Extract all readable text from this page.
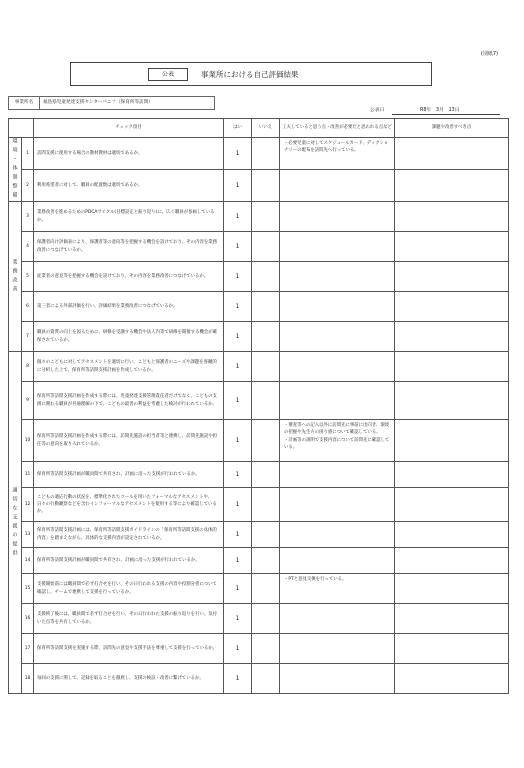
(別紙7)
公表	事業所における自己評価結果
事業所名	福島県児童発達支援センターパニフ（保育所等訪問）
公表日	R8年　3月　13日
		チェック項目	はい	いいえ	工夫していると思う点・改善が必要だと思われる点など	課題や改善すべき点
環境・体制整備	1	訪問支援に使用する場合の教材教材は適切であるか。	1		・必要児童に対してスケジュールカード、ディクショナリーの配布を訪問先へ行っている。	
	2	利用希望者に対して、職員の配置数は適切であるか。	1			
業務改善	3	業務改善を進めるためのPDCAサイクル(目標設定と振り返り)に、広く職員が参画しているか。	1			
	4	保護者向け評価表により、保護者等の意向等を把握する機会を設けており、その内容を業務改善につなげているか。	1			
	5	従業者の意見等を把握する機会を設けており、その内容を業務改善につなげているか。	1			
	6	第三者による外部評価を行い、評価結果を業務改善につなげているか。	1			
	7	職員の資質の向上を図るために、研修を受講する機会や法人内等で研修を開催する機会が確保されているか。	1			
適切な支援の提供	8	個々のこどもに対してアセスメントを適切に行い、こどもと保護者のニーズや課題を客観的に分析した上で、保育所等訪問支援計画を作成しているか。	1			
	9	保育所等訪問支援計画を作成する際には、児童発達支援管理責任者だけでなく、こどもの支援に関わる職員が共通理解の下で、こどもの最善の利益を考慮した検討が行われているか。	1			
	10	保育所等訪問支援計画を作成する際には、訪問先施設の担当者等と連携し、訪問先施設や担任等の意向を取り入れているか。	1		・審査等への記入以外に訪問先に事前に出向き、環境の把握や先生方の困り感について確認している。
・計画等の説明で支援内容について訪問先に確認している。	
	11	保育所等訪問支援計画が職員間で共有され、計画に沿った支援が行われているか。	1			
	12	こどもの適応行動の状況を、標準化されたツールを用いたフォーマルなアセスメントや、日々の行動観察などを含むインフォーマルなアセスメントを使用する等により確認しているか。	1			
	13	保育所等訪問支援計画には、保育所等訪問支援ガイドラインの「保育所等訪問支援の具体的内容」を踏まえながら、具体的な支援内容が設定されているか。	1			
	14	保育所等訪問支援計画が職員間で共有され、計画に沿った支援が行われているか。	1			
	15	支援開始前には職員間で必ず打合せを行い、その日行われる支援の内容や役割分担について確認し、チームで連携して支援を行っているか。	1		・PTと意見交換を行っている。	
	16	支援終了後には、職員間で必ず打合せを行い、その日行われた支援の振り返りを行い、気付いた点等を共有しているか。	1			
	17	保育所等訪問支援を実施する際、訪問先の意見や支援手法を尊重して支援を行っているか。	1			
	18	毎回の支援に関して、記録を取ることを徹底し、支援の検証・改善に繋げているか。	1			
